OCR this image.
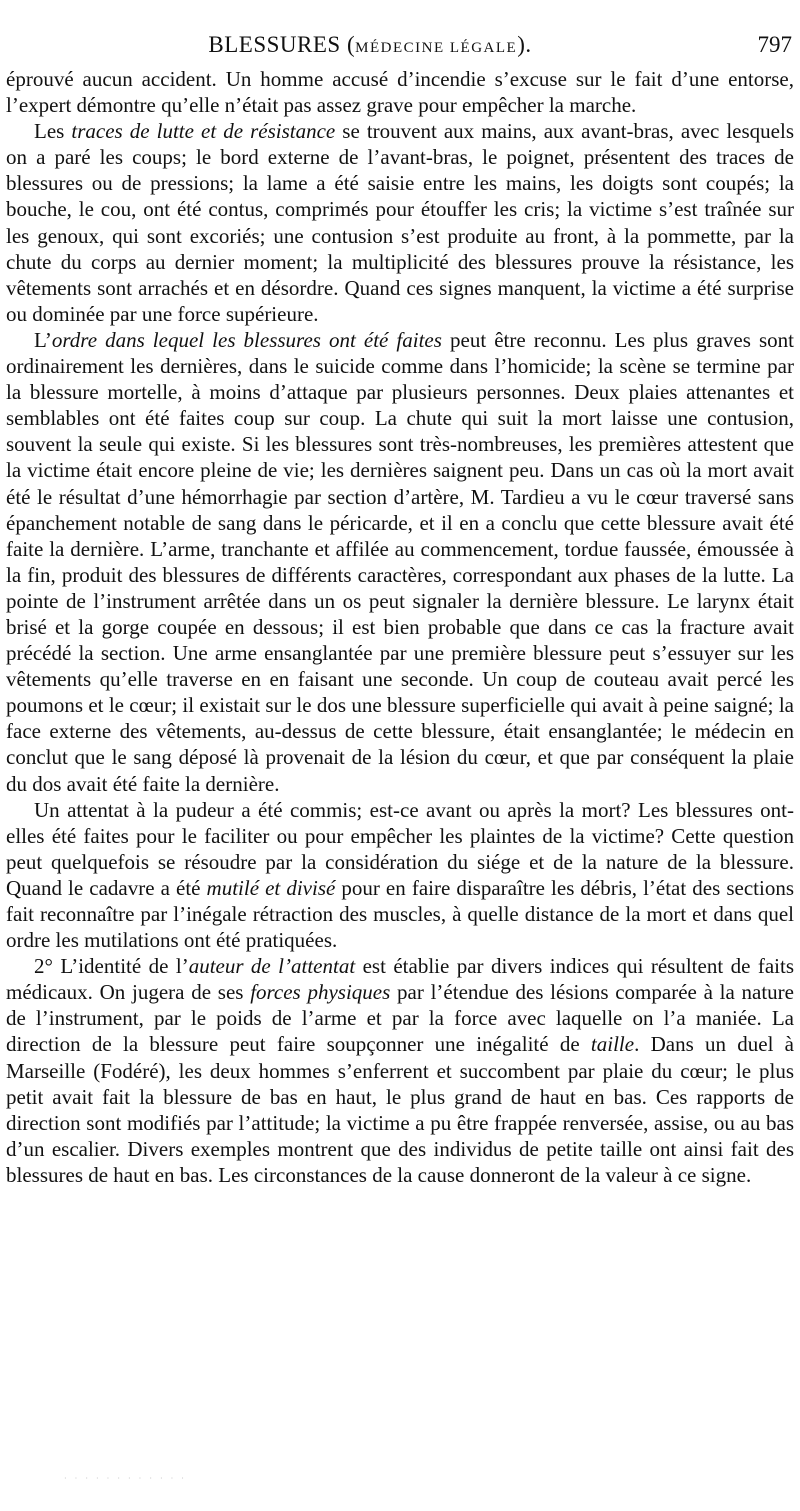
BLESSURES (MÉDECINE LÉGALE).	797

éprouvé aucun accident. Un homme accusé d’incendie s’excuse sur le fait d’une entorse, l’expert démontre qu’elle n’était pas assez grave pour empêcher la marche.

Les traces de lutte et de résistance se trouvent aux mains, aux avant-bras, avec lesquels on a paré les coups; le bord externe de l’avant-bras, le poignet, présentent des traces de blessures ou de pressions; la lame a été saisie entre les mains, les doigts sont coupés; la bouche, le cou, ont été contus, comprimés pour étouffer les cris; la victime s’est traînée sur les genoux, qui sont excoriés; une contusion s’est produite au front, à la pommette, par la chute du corps au dernier moment; la multiplicité des blessures prouve la résistance, les vêtements sont arrachés et en désordre. Quand ces signes manquent, la victime a été surprise ou dominée par une force supérieure.

L’ordre dans lequel les blessures ont été faites peut être reconnu. Les plus graves sont ordinairement les dernières, dans le suicide comme dans l’homicide; la scène se termine par la blessure mortelle, à moins d’attaque par plusieurs personnes. Deux plaies attenantes et semblables ont été faites coup sur coup. La chute qui suit la mort laisse une contusion, souvent la seule qui existe. Si les blessures sont très-nombreuses, les premières attestent que la victime était encore pleine de vie; les dernières saignent peu. Dans un cas où la mort avait été le résultat d’une hémorrhagie par section d’artère, M. Tardieu a vu le cœur traversé sans épanchement notable de sang dans le péricarde, et il en a conclu que cette blessure avait été faite la dernière. L’arme, tranchante et affilée au commencement, tordue faussée, émoussée à la fin, produit des blessures de différents caractères, correspondant aux phases de la lutte. La pointe de l’instrument arrêtée dans un os peut signaler la dernière blessure. Le larynx était brisé et la gorge coupée en dessous; il est bien probable que dans ce cas la fracture avait précédé la section. Une arme ensanglantée par une première blessure peut s’essuyer sur les vêtements qu’elle traverse en en faisant une seconde. Un coup de couteau avait percé les poumons et le cœur; il existait sur le dos une blessure superficielle qui avait à peine saigné; la face externe des vêtements, au-dessus de cette blessure, était ensanglantée; le médecin en conclut que le sang déposé là provenait de la lésion du cœur, et que par conséquent la plaie du dos avait été faite la dernière.

Un attentat à la pudeur a été commis; est-ce avant ou après la mort? Les blessures ont-elles été faites pour le faciliter ou pour empêcher les plaintes de la victime? Cette question peut quelquefois se résoudre par la considération du siége et de la nature de la blessure. Quand le cadavre a été mutilé et divisé pour en faire disparaître les débris, l’état des sections fait reconnaître par l’inégale rétraction des muscles, à quelle distance de la mort et dans quel ordre les mutilations ont été pratiquées.

2° L’identité de l’auteur de l’attentat est établie par divers indices qui résultent de faits médicaux. On jugera de ses forces physiques par l’étendue des lésions comparée à la nature de l’instrument, par le poids de l’arme et par la force avec laquelle on l’a maniée. La direction de la blessure peut faire soupçonner une inégalité de taille. Dans un duel à Marseille (Fodéré), les deux hommes s’enferrent et succombent par plaie du cœur; le plus petit avait fait la blessure de bas en haut, le plus grand de haut en bas. Ces rapports de direction sont modifiés par l’attitude; la victime a pu être frappée renversée, assise, ou au bas d’un escalier. Divers exemples montrent que des individus de petite taille ont ainsi fait des blessures de haut en bas. Les circonstances de la cause donneront de la valeur à ce signe.

· · · · · · · · · · · ·
